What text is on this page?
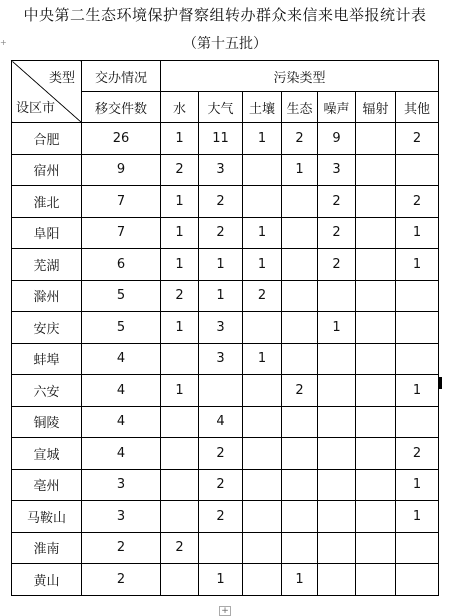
中央第二生态环境保护督察组转办群众来信来电举报统计表
（第十五批）
+
类型
设区市	交办情况	污染类型						
	移交件数	水	大气	土壤	生态	噪声	辐射	其他
合肥	26	1	11	1	2	9		2
宿州	9	2	3		1	3		
淮北	7	1	2			2		2
阜阳	7	1	2	1		2		1
芜湖	6	1	1	1		2		1
滁州	5	2	1	2				
安庆	5	1	3			1		
蚌埠	4		3	1				
六安	4	1			2			1
铜陵	4		4					
宣城	4		2					2
亳州	3		2					1
马鞍山	3		2					1
淮南	2	2						
黄山	2		1		1			
+
